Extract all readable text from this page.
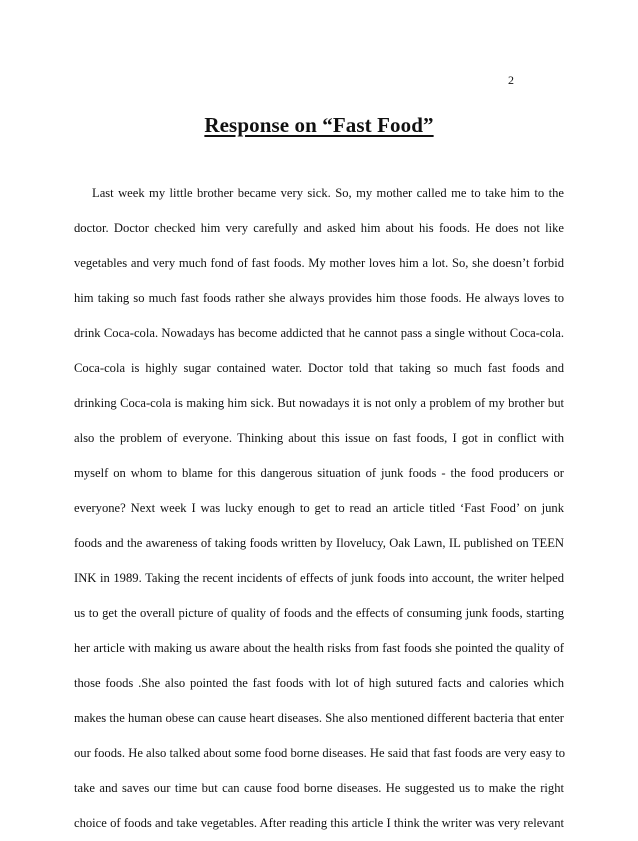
2
Response on “Fast Food”
Last week my little brother became very sick. So, my mother called me to take him to the
doctor. Doctor checked him very carefully and asked him about his foods. He does not like
vegetables and very much fond of fast foods. My mother loves him a lot. So, she doesn’t forbid
him taking so much fast foods rather she always provides him those foods. He always loves to
drink Coca-cola. Nowadays has become addicted that he cannot pass a single without Coca-cola.
Coca-cola is highly sugar contained water. Doctor told that taking so much fast foods and
drinking Coca-cola is making him sick. But nowadays it is not only a problem of my brother but
also the problem of everyone. Thinking about this issue on fast foods, I got in conflict with
myself on whom to blame for this dangerous situation of junk foods - the food producers or
everyone? Next week I was lucky enough to get to read an article titled ‘Fast Food’ on junk
foods and the awareness of taking foods written by Ilovelucy, Oak Lawn, IL published on TEEN
INK in 1989. Taking the recent incidents of effects of junk foods into account, the writer helped
us to get the overall picture of quality of foods and the effects of consuming junk foods, starting
her article with making us aware about the health risks from fast foods she pointed the quality of
those foods .She also pointed the fast foods with lot of high sutured facts and calories which
makes the human obese can cause heart diseases. She also mentioned different bacteria that enter
our foods. He also talked about some food borne diseases. He said that fast foods are very easy to
take and saves our time but can cause food borne diseases. He suggested us to make the right
choice of foods and take vegetables. After reading this article I think the writer was very relevant
